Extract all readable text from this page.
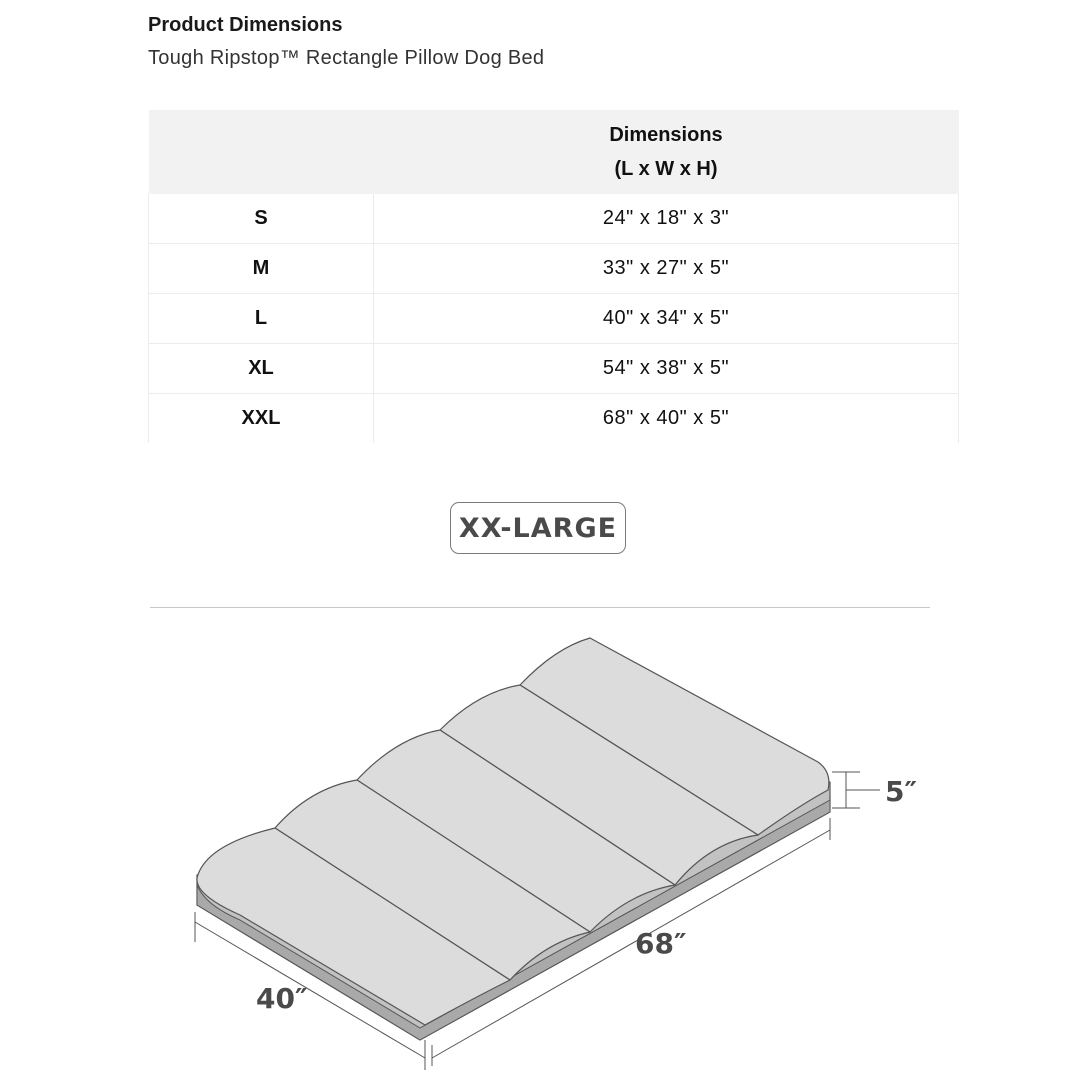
Product Dimensions
Tough Ripstop™ Rectangle Pillow Dog Bed

	Dimensions
(L x W x H)

S	24" x 18" x 3"
M	33" x 27" x 5"
L	40" x 34" x 5"
XL	54" x 38" x 5"
XXL	68" x 40" x 5"
XX-LARGE
68″
40″
5″
